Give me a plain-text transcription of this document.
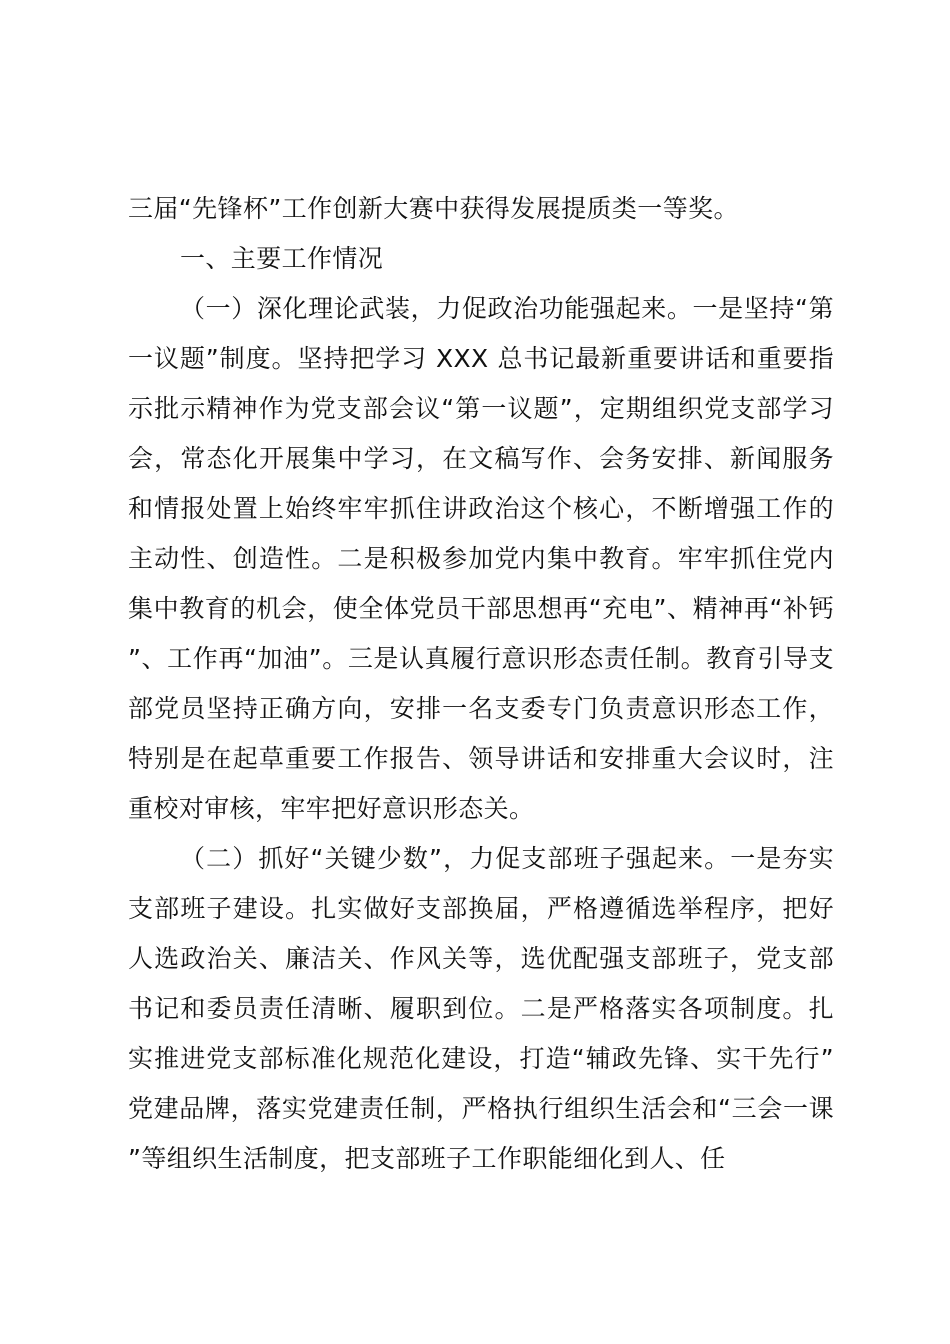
三届“先锋杯”工作创新大赛中获得发展提质类一等奖。

一、主要工作情况

（一）深化理论武装，力促政治功能强起来。一是坚持“第一议题”制度。坚持把学习 XXX 总书记最新重要讲话和重要指示批示精神作为党支部会议“第一议题”，定期组织党支部学习会，常态化开展集中学习，在文稿写作、会务安排、新闻服务和情报处置上始终牢牢抓住讲政治这个核心，不断增强工作的主动性、创造性。二是积极参加党内集中教育。牢牢抓住党内集中教育的机会，使全体党员干部思想再“充电”、精神再“补钙”、工作再“加油”。三是认真履行意识形态责任制。教育引导支部党员坚持正确方向，安排一名支委专门负责意识形态工作，特别是在起草重要工作报告、领导讲话和安排重大会议时，注重校对审核，牢牢把好意识形态关。

（二）抓好“关键少数”，力促支部班子强起来。一是夯实支部班子建设。扎实做好支部换届，严格遵循选举程序，把好人选政治关、廉洁关、作风关等，选优配强支部班子，党支部书记和委员责任清晰、履职到位。二是严格落实各项制度。扎实推进党支部标准化规范化建设，打造“辅政先锋、实干先行”党建品牌，落实党建责任制，严格执行组织生活会和“三会一课”等组织生活制度，把支部班子工作职能细化到人、任
